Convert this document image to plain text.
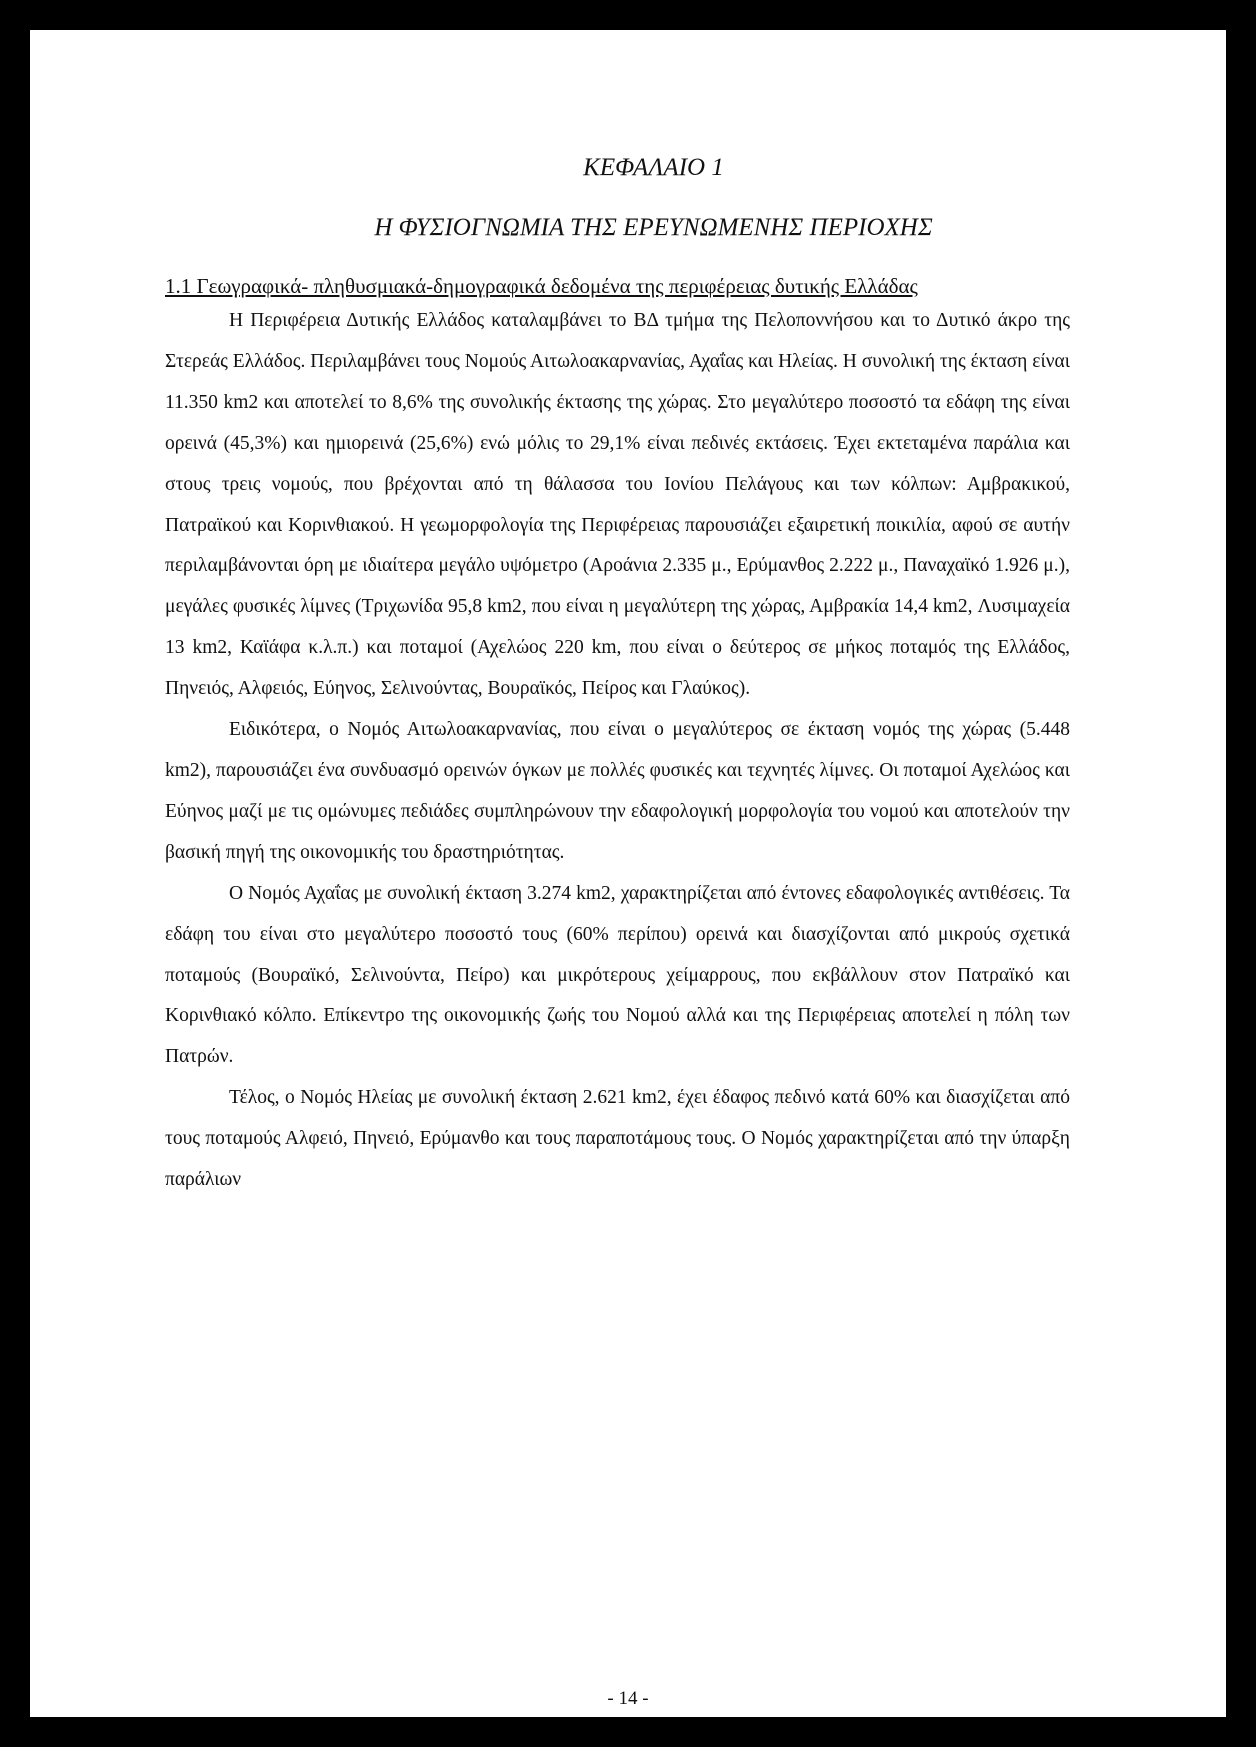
ΚΕΦΑΛΑΙΟ 1

Η ΦΥΣΙΟΓΝΩΜΙΑ ΤΗΣ ΕΡΕΥΝΩΜΕΝΗΣ ΠΕΡΙΟΧΗΣ

1.1 Γεωγραφικά- πληθυσμιακά-δημογραφικά δεδομένα της περιφέρειας δυτικής Ελλάδας

Η Περιφέρεια Δυτικής Ελλάδος καταλαμβάνει το ΒΔ τμήμα της Πελοποννήσου και το Δυτικό άκρο της Στερεάς Ελλάδος. Περιλαμβάνει τους Νομούς Αιτωλοακαρνανίας, Αχαΐας και Ηλείας. Η συνολική της έκταση είναι 11.350 km2 και αποτελεί το 8,6% της συνολικής έκτασης της χώρας. Στο μεγαλύτερο ποσοστό τα εδάφη της είναι ορεινά (45,3%) και ημιορεινά (25,6%) ενώ μόλις το 29,1% είναι πεδινές εκτάσεις. Έχει εκτεταμένα παράλια και στους τρεις νομούς, που βρέχονται από τη θάλασσα του Ιονίου Πελάγους και των κόλπων: Αμβρακικού, Πατραϊκού και Κορινθιακού. Η γεωμορφολογία της Περιφέρειας παρουσιάζει εξαιρετική ποικιλία, αφού σε αυτήν περιλαμβάνονται όρη με ιδιαίτερα μεγάλο υψόμετρο (Αροάνια 2.335 μ., Ερύμανθος 2.222 μ., Παναχαϊκό 1.926 μ.), μεγάλες φυσικές λίμνες (Τριχωνίδα 95,8 km2, που είναι η μεγαλύτερη της χώρας, Αμβρακία 14,4 km2, Λυσιμαχεία 13 km2, Καϊάφα κ.λ.π.) και ποταμοί (Αχελώος 220 km, που είναι ο δεύτερος σε μήκος ποταμός της Ελλάδος, Πηνειός, Αλφειός, Εύηνος, Σελινούντας, Βουραϊκός, Πείρος και Γλαύκος).

Ειδικότερα, ο Νομός Αιτωλοακαρνανίας, που είναι ο μεγαλύτερος σε έκταση νομός της χώρας (5.448 km2), παρουσιάζει ένα συνδυασμό ορεινών όγκων με πολλές φυσικές και τεχνητές λίμνες. Οι ποταμοί Αχελώος και Εύηνος μαζί με τις ομώνυμες πεδιάδες συμπληρώνουν την εδαφολογική μορφολογία του νομού και αποτελούν την βασική πηγή της οικονομικής του δραστηριότητας.

Ο Νομός Αχαΐας με συνολική έκταση 3.274 km2, χαρακτηρίζεται από έντονες εδαφολογικές αντιθέσεις. Τα εδάφη του είναι στο μεγαλύτερο ποσοστό τους (60% περίπου) ορεινά και διασχίζονται από μικρούς σχετικά ποταμούς (Βουραϊκό, Σελινούντα, Πείρο) και μικρότερους χείμαρρους, που εκβάλλουν στον Πατραϊκό και Κορινθιακό κόλπο. Επίκεντρο της οικονομικής ζωής του Νομού αλλά και της Περιφέρειας αποτελεί η πόλη των Πατρών.

Τέλος, ο Νομός Ηλείας με συνολική έκταση 2.621 km2, έχει έδαφος πεδινό κατά 60% και διασχίζεται από τους ποταμούς Αλφειό, Πηνειό, Ερύμανθο και τους παραποτάμους τους. Ο Νομός χαρακτηρίζεται από την ύπαρξη παράλιων

- 14 -
